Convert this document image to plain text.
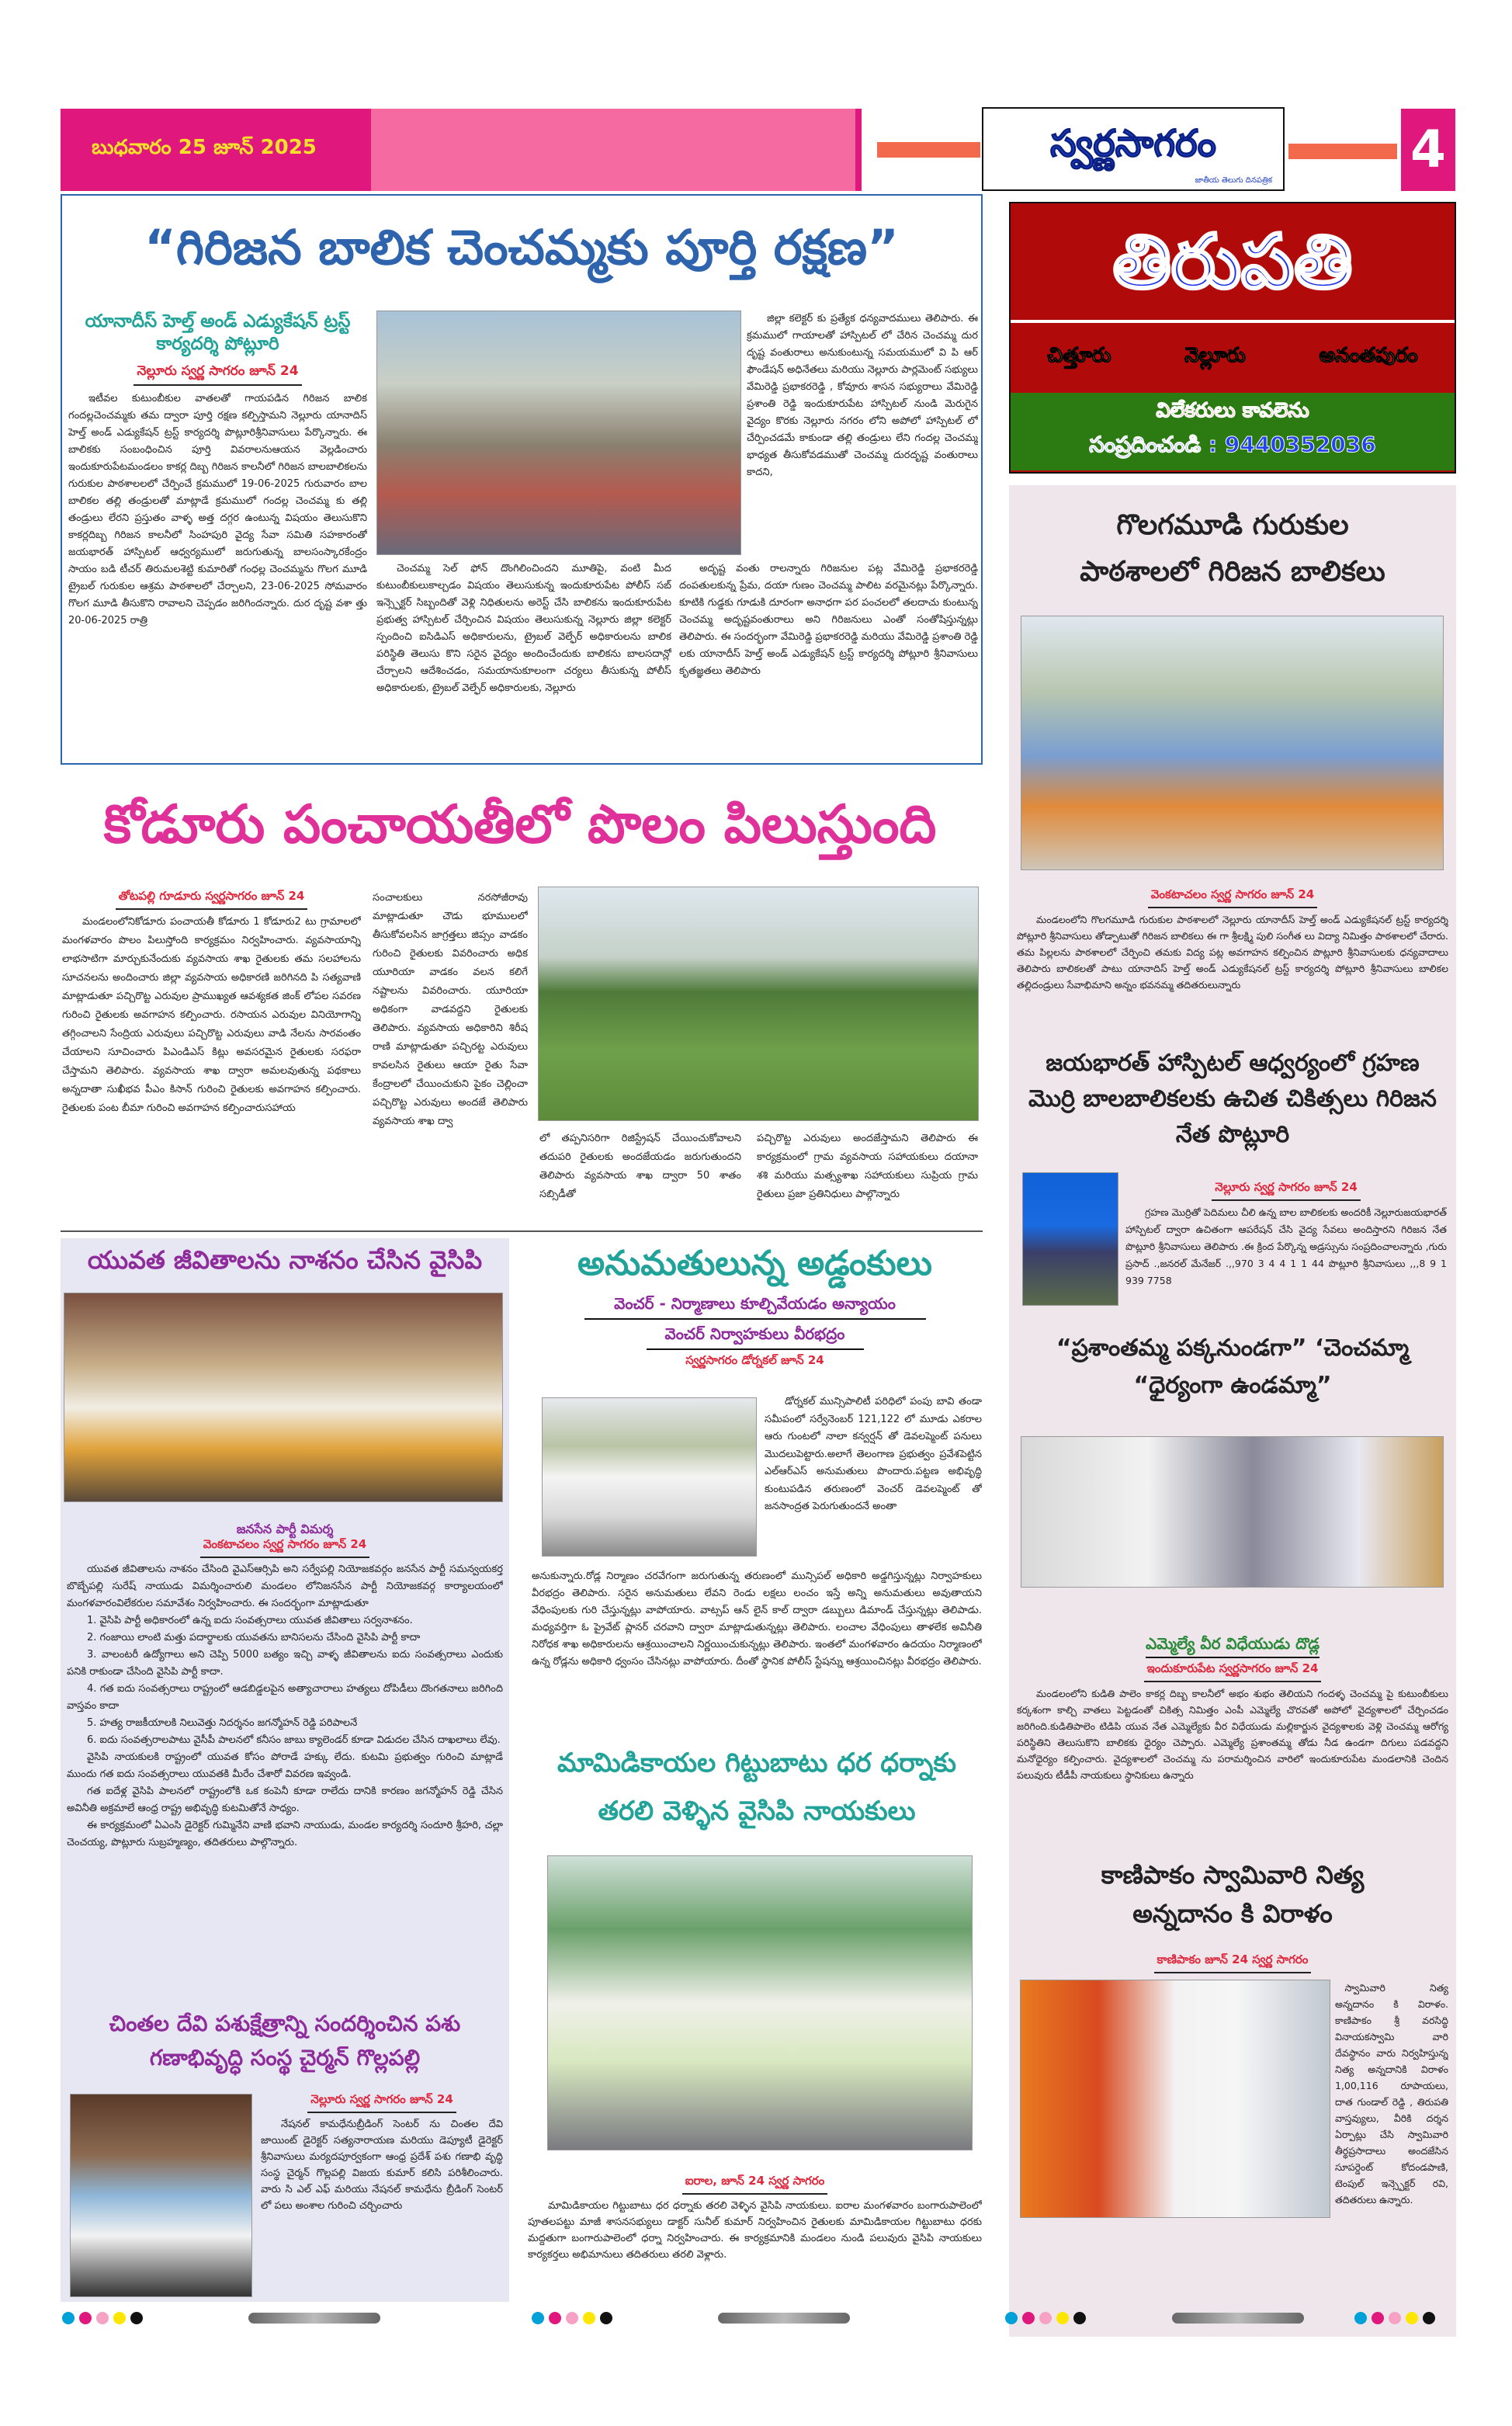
బుధవారం 25 జూన్ 2025	స్వర్ణసాగరం
జాతీయ తెలుగు దినపత్రిక
4
“గిరిజన బాలిక చెంచమ్మకు పూర్తి రక్షణ”
యానాదీస్ హెల్త్ అండ్ ఎడ్యుకేషన్ ట్రస్ట్ కార్యదర్శి పోట్లూరి
నెల్లూరు స్వర్ణ సాగరం జూన్ 24
ఇటీవల కుటుంబీకుల వాతలతో గాయపడిన గిరిజన బాలిక గందల్లచెంచమ్మకు తమ ద్వారా పూర్తి రక్షణ కల్పిస్తామని నెల్లూరు యానాదిస్ హెల్త్ అండ్ ఎడ్యుకేషన్ ట్రస్ట్ కార్యదర్శి పొట్లూరిశ్రీనివాసులు పేర్కొన్నారు. ఈ బాలికకు సంబంధించిన పూర్తి వివరాలనుఆయన వెల్లడించారు ఇందుకూరుపేటమండలం కాకర్ల దిబ్బ గిరిజన కాలనీలో గిరిజన బాలబాలికలను గురుకుల పాఠశాలలలో చేర్పించే క్రమములో 19-06-2025 గురువారం బాల బాలికల తల్లి తండ్రులతో మాట్లాడే క్రమములో గందల్ల చెంచమ్మ కు తల్లి తండ్రులు లేరని ప్రస్తుతం వాళ్ళ అత్త దగ్గర ఉంటున్న విషయం తెలుసుకొని కాకర్లదిబ్బ గిరిజన కాలనీలో సింహపురి వైద్య సేవా సమితి సహకారంతో జయభారత్ హాస్పిటల్ ఆధ్వర్యములో జరుగుతున్న బాలసంస్కారకేంద్రం సాయం బడి టీచర్ తిరుమలశెట్టి కుమారితో గంధల్ల చెంచమ్మను గొలగ మూడి ట్రైబల్ గురుకుల ఆశ్రమ పాఠశాలలో చేర్చాలని, 23-06-2025 సోమవారం గొలగ మూడి తీసుకొని రావాలని చెప్పడం జరిగిందన్నారు. దుర దృష్ట వశా త్తు 20-06-2025 రాత్రి
జిల్లా కలెక్టర్ కు ప్రత్యేక ధన్యవాదములు తెలిపారు. ఈ క్రమములో గాయాలతో హాస్పిటల్ లో చేరిన చెంచమ్మ దుర దృష్ట వంతురాలు అనుకుంటున్న సమయములో వి పి ఆర్ ఫౌండేషన్ అధినేతలు మరియు నెల్లూరు పార్లమెంట్ సభ్యులు వేమిరెడ్డి ప్రభాకరరెడ్డి , కోవూరు శాసన సభ్యురాలు వేమిరెడ్డి ప్రశాంతి రెడ్డి ఇందుకూరుపేట హాస్పిటల్ నుండి మెరుగైన వైద్యం కొరకు నెల్లూరు నగరం లోని అపోలో హాస్పిటల్ లో చేర్పించడమే కాకుండా తల్లి తండ్రులు లేని గందల్ల చెంచమ్మ భాధ్యత తీసుకోవడముతో చెంచమ్మ దురదృష్ట వంతురాలు కాదని,
చెంచమ్మ సెల్ ఫోన్ దొంగిలించిందని మూతిపై, వంటి మీద కుటుంబీకులుకాల్చడం విషయం తెలుసుకున్న ఇందుకూరుపేట పోలీస్ సబ్ ఇన్స్పెక్టర్ సిబ్బందితో వెళ్లి నిధితులను అరెస్ట్ చేసి బాలికను ఇందుకూరుపేట ప్రభుత్వ హాస్పిటల్ చేర్పించిన విషయం తెలుసుకున్న నెల్లూరు జిల్లా కలెక్టర్ స్పందించి ఐసిడిఎస్ అధికారులను, ట్రైబల్ వెల్ఫేర్ అధికారులను బాలిక పరిస్థితి తెలుసు కొని సరైన వైద్యం అందించేందుకు బాలికను బాలసదాన్లో చేర్చాలని ఆదేశించడం, సమయానుకూలంగా చర్యలు తీసుకున్న పోలీస్ అధికారులకు, ట్రైబల్ వెల్ఫేర్ అధికారులకు, నెల్లూరు
అదృష్ట వంతు రాలన్నారు గిరిజనుల పట్ల వేమిరెడ్డి ప్రభాకరరెడ్డి దంపతులకున్న ప్రేమ, దయా గుణం చెంచమ్మ పాలిట వరమైనట్లు పేర్కొన్నారు. కూటికి గుడ్డకు గూడుకి దూరంగా అనాధగా పర పంచలలో తలదాచు కుంటున్న చెంచమ్మ అదృష్టవంతురాలు అని గిరిజనులు ఎంతో సంతోషిస్తున్నట్లు తెలిపారు. ఈ సందర్భంగా వేమిరెడ్డి ప్రభాకరరెడ్డి మరియు వేమిరెడ్డి ప్రశాంతి రెడ్డి లకు యానాదీస్ హెల్త్ అండ్ ఎడ్యుకేషన్ ట్రస్ట్ కార్యదర్శి పోట్లూరి శ్రీనివాసులు కృతజ్ఞతలు తెలిపారు
కోడూరు పంచాయతీలో పొలం పిలుస్తుంది
తోటపల్లి గూడూరు స్వర్ణసాగరం జూన్ 24
మండలంలోనికోడూరు పంచాయతీ కోడూరు 1 కోడూరు2 టు గ్రామాలలో మంగళవారం పొలం పిలుస్తోంది కార్యక్రమం నిర్వహించారు. వ్యవసాయాన్ని లాభసాటిగా మార్చుకునేందుకు వ్యవసాయ శాఖ రైతులకు తమ సలహాలను సూచనలను అందించారు జిల్లా వ్యవసాయ అధికారణి జరిగినది పి సత్యవాణి మాట్లాడుతూ పచ్చిరొట్ట ఎరువుల ప్రాముఖ్యత ఆవశ్యకత జింక్ లోపల సవరణ గురించి రైతులకు అవగాహన కల్పించారు. రసాయన ఎరువుల వినియోగాన్ని తగ్గించాలని సేంద్రియ ఎరువులు పచ్చిరొట్ట ఎరువులు వాడి నేలను సారవంతం చేయాలని సూచించారు పిఎండిఎస్ కిట్లు అవసరమైన రైతులకు సరఫరా చేస్తామని తెలిపారు. వ్యవసాయ శాఖ ద్వారా అమలవుతున్న పథకాలు అన్నదాతా సుఖీభవ పీఎం కిసాన్ గురించి రైతులకు అవగాహన కల్పించారు. రైతులకు పంట బీమా గురించి అవగాహన కల్పించారుసహాయ
సంచాలకులు నరసోజీరావు మాట్లాడుతూ చౌడు భూములలో తీసుకోవలసిన జాగ్రత్తలు జిప్సం వాడకం గురించి రైతులకు వివరించారు అధిక యూరియా వాడకం వలన కలిగే నష్టాలను వివరించారు. యూరియా అధికంగా వాడవద్దని రైతులకు తెలిపారు. వ్యవసాయ అధికారిని శిరీష రాణి మాట్లాడుతూ పచ్చిరట్ట ఎరువులు కావలసిన రైతులు ఆయా రైతు సేవా కేంద్రాలలో చేయించుకుని పైకం చెల్లించా పచ్చిరొట్ట ఎరువులు అందజే తెలిపారు వ్యవసాయ శాఖ ద్వా
లో తప్పనిసరిగా రిజిస్ట్రేషన్ చేయించుకోవాలని తదుపరి రైతులకు అందజేయడం జరుగుతుందని తెలిపారు వ్యవసాయ శాఖ ద్వారా 50 శాతం సబ్సిడీతో
పచ్చిరొట్ట ఎరువులు అందజేస్తామని తెలిపారు ఈ కార్యక్రమంలో గ్రామ వ్యవసాయ సహాయకులు దయానా శశి మరియు మత్స్యశాఖ సహాయకులు సుప్రియ గ్రామ రైతులు ప్రజా ప్రతినిధులు పాల్గొన్నారు
యువత జీవితాలను నాశనం చేసిన వైసిపి
జనసేన పార్టీ విమర్శ
వెంకటాచలం స్వర్ణ సాగరం జూన్ 24
యువత జీవితాలను నాశనం చేసింది వైఎస్ఆర్సిపి అని సర్వేపల్లి నియోజకవర్గం జనసేన పార్టీ సమన్వయకర్త బొబ్బేపల్లి సురేష్ నాయుడు విమర్శించారులి మండలం లోనిజనసేన పార్టీ నియోజకవర్గ కార్యాలయంలో మంగళవారంవిలేకరుల సమావేశం నిర్వహించారు. ఈ సందర్భంగా మాట్లాడుతూ
1. వైసిపి పార్టీ అధికారంలో ఉన్న ఐదు సంవత్సరాలు యువత జీవితాలు సర్వనాశనం.
2. గంజాయి లాంటి మత్తు పదార్థాలకు యువతను బానిసలను చేసింది వైసిపి పార్టీ కాదా
3. వాలంటరీ ఉద్యోగాలు అని చెప్పి 5000 బత్యం ఇచ్చి వాళ్ళ జీవితాలను ఐదు సంవత్సరాలు ఎందుకు పనికి రాకుండా చేసింది వైసిపి పార్టీ కాదా.
4. గత ఐదు సంవత్సరాలు రాష్ట్రంలో ఆడబిడ్డలపైన అత్యాచారాలు హత్యలు దోపిడీలు దొంగతనాలు జరిగింది వాస్తవం కాదా
5. హత్య రాజకీయాలకి నిలువెత్తు నిదర్శనం జగన్మోహన్ రెడ్డి పరిపాలనే
6. ఐదు సంవత్సరాలపాటు వైసీపీ పాలనలో కనీసం జాబు క్యాలెండర్ కూడా విడుదల చేసిన దాఖలాలు లేవు.
వైసిపి నాయకులకి రాష్ట్రంలో యువత కోసం పోరాడే హక్కు లేదు. కుటమి ప్రభుత్వం గురించి మాట్లాడే ముందు గత ఐదు సంవత్సరాలు యువతకి మీరేం చేశారో వివరణ ఇవ్వండి.
గత ఐదేళ్ల వైసిపి పాలనలో రాష్ట్రంలోకి ఒక కంపెనీ కూడా రాలేదు దానికి కారణం జగన్మోహన్ రెడ్డి చేసిన అవినీతి అక్రమాలే ఆంధ్ర రాష్ట్ర అభివృద్ధి కుటమితోనే సాధ్యం.
ఈ కార్యక్రమంలో ఏఎంసి డైరెక్టర్ గుమ్మినేని వాణి భవాని నాయుడు, మండల కార్యదర్శి సందూరి శ్రీహరి, చల్లా చెంచయ్య, పొట్లూరు సుబ్రహ్మణ్యం, తదితరులు పాల్గొన్నారు.
చింతల దేవి పశుక్షేత్రాన్ని సందర్శించిన పశు గణాభివృద్ధి సంస్థ చైర్మన్ గొల్లపల్లి
నెల్లూరు స్వర్ణ సాగరం జూన్ 24
నేషనల్ కామధేనుబ్రీడింగ్ సెంటర్ ను చింతల దేవి జాయింట్ డైరెక్టర్ సత్యనారాయణ మరియు డెప్యూటీ డైరెక్టర్ శ్రీనివాసులు మర్యదపూర్వకంగా ఆంధ్ర ప్రదేశ్ పశు గణాభి వృద్ధి సంస్థ చైర్మన్ గొల్లపల్లి విజయ కుమార్ కలిసి పరిశీలించారు. వారు సి ఎల్ ఎఫ్ మరియు నేషనల్ కామధేను బ్రీడింగ్ సెంటర్ లో పలు అంశాల గురించి చర్చించారు
అనుమతులున్న అడ్డంకులు
వెంచర్ - నిర్మాణాలు కూల్చివేయడం అన్యాయం
వెంచర్ నిర్వాహకులు వీరభద్రం
స్వర్ణసాగరం డోర్నకల్ జూన్ 24
డోర్నకల్ మున్సిపాలిటీ పరిధిలో పంపు బావి తండా సమీపంలో సర్వేనెంబర్ 121,122 లో మూడు ఎకరాల ఆరు గుంటలో నాలా కన్వర్షన్ తో డెవలప్మెంట్ పనులు మొదలుపెట్టారు.అలాగే తెలంగాణ ప్రభుత్వం ప్రవేశపెట్టిన ఎల్ఆర్ఎస్ అనుమతులు పొందారు.పట్టణ అభివృద్ధి కుంటుపడిన తరుణంలో వెంచర్ డెవలప్మెంట్ తో జనసాంద్రత పెరుగుతుందనే అంతా
అనుకున్నారు.రోడ్ల నిర్మాణం చరవేగంగా జరుగుతున్న తరుణంలో మున్సిపల్ అధికారి అడ్డగిస్తున్నట్లు నిర్వాహకులు వీరభద్రం తెలిపారు. సరైన అనుమతులు లేవని రెండు లక్షలు లంచం ఇస్తే అన్ని అనుమతులు అవుతాయని వేధింపులకు గురి చేస్తున్నట్లు వాపోయారు. వాట్సప్ ఆన్ లైన్ కాల్ ద్వారా డబ్బులు డిమాండ్ చేస్తున్నట్లు తెలిపాడు. మధ్యవర్తిగా ఓ ప్రైవేట్ ప్లానర్ చరవాని ద్వారా మాట్లాడుతున్నట్లు తెలిపారు. లంచాల వేధింపులు తాళలేక అవినీతి నిరోధక శాఖ అధికారులను ఆశ్రయించాలని నిర్ణయించుకున్నట్లు తెలిపారు. ఇంతలో మంగళవారం ఉదయం నిర్మాణంలో ఉన్న రోడ్లను అధికారి ధ్వంసం చేసినట్లు వాపోయారు. దీంతో స్థానిక పోలీస్ స్టేషన్ను ఆశ్రయించినట్లు వీరభద్రం తెలిపారు.
మామిడికాయల గిట్టుబాటు ధర ధర్నాకు తరలి వెళ్ళిన వైసిపి నాయకులు
ఐరాల, జూన్ 24 స్వర్ణ సాగరం
మామిడికాయల గిట్టుబాటు ధర ధర్నాకు తరలి వెళ్ళిన వైసిపి నాయకులు. ఐరాల మంగళవారం బంగారుపాలెంలో పూతలపట్టు మాజీ శాసనసభ్యులు డాక్టర్ సునీల్ కుమార్ నిర్వహించిన రైతులకు మామిడికాయల గిట్టుబాటు ధరకు మద్దతుగా బంగారుపాలెంలో ధర్నా నిర్వహించారు. ఈ కార్యక్రమానికి మండలం నుండి పలువురు వైసిపి నాయకులు కార్యకర్తలు అభిమానులు తదితరులు తరలి వెళ్లారు.
తిరుపతి
చిత్తూరు	నెల్లూరు	అనంతపురం
విలేకరులు కావలెను
సంప్రదించండి : 9440352036
గొలగమూడి గురుకుల పాఠశాలలో గిరిజన బాలికలు
వెంకటాచలం స్వర్ణ సాగరం జూన్ 24
మండలంలోని గొలగమూడి గురుకుల పాఠశాలలో నెల్లూరు యానాదీస్ హెల్త్ అండ్ ఎడ్యుకేషనల్ ట్రస్ట్ కార్యదర్శి పోట్లూరి శ్రీనివాసులు తోడ్పాటుతో గిరిజన బాలికలు ఈ గా శ్రీలక్ష్మి పులి సంగీత లు విద్యా నిమిత్తం పాఠశాలలో చేరారు. తమ పిల్లలను పాఠశాలలో చేర్పించి తమకు విద్య పట్ల అవగాహన కల్పించిన పొట్లూరి శ్రీనివాసులకు ధన్యవాదాలు తెలిపారు బాలికలతో పాటు యానాదిస్ హెల్త్ అండ్ ఎడ్యుకేషనల్ ట్రస్ట్ కార్యదర్శి పోట్లూరి శ్రీనివాసులు బాలికల తల్లిదండ్రులు సేవాభిమాని అన్నం భవనమ్మ తదితరులున్నారు
జయభారత్ హాస్పిటల్ ఆధ్వర్యంలో గ్రహణ మొర్రి బాలబాలికలకు ఉచిత చికిత్సలు గిరిజన నేత పొట్లూరి
నెల్లూరు స్వర్ణ సాగరం జూన్ 24
గ్రహణ మొర్రితో పెదిమలు చీలి ఉన్న బాల బాలికలకు అందరికీ నెల్లూరుజయభారత్ హాస్పిటల్ ద్వారా ఉచితంగా ఆపరేషన్ చేసి వైద్య సేవలు అందిస్తారని గిరిజన నేత పొట్లూరి శ్రీనివాసులు తెలిపారు .ఈ క్రింద పేర్కొన్న అడ్రస్సును సంప్రదించాలన్నారు ,గురు ప్రసాద్ .,జనరల్ మేనేజర్ .,,970 3 4 4 1 1 44 పొట్లూరి శ్రీనివాసులు ,,,8 9 1 939 7758
“ప్రశాంతమ్మ పక్కనుండగా” ‘చెంచమ్మా “ధైర్యంగా ఉండమ్మా”
ఎమ్మెల్యే వీర విధేయుడు దొడ్ల
ఇందుకూరుపేట స్వర్ణసాగరం జూన్ 24
మండలంలోని కుడితి పాలెం కాకర్ల దిబ్బ కాలనీలో అభం శుభం తెలియని గందళ్ళ చెంచమ్మ పై కుటుంబీకులు కర్కశంగా కాల్చి వాతలు పెట్టడంతో చికిత్స నిమిత్తం ఎంపీ ఎమ్మెల్యే చొరవతో అపోలో వైద్యశాలలో చేర్పించడం జరిగింది.కుడితిపాలెం టిడిపి యువ నేత ఎమ్మెల్యేకు వీర విధేయుడు మల్లికార్జున వైద్యశాలకు వెళ్లి చెంచమ్మ ఆరోగ్య పరిస్థితిని తెలుసుకొని బాలికకు ధైర్యం చెప్పారు. ఎమ్మెల్యే ప్రశాంతమ్మ తోడు నీడ ఉండగా దిగులు పడవద్దని మనోధైర్యం కల్పించారు. వైద్యశాలలో చెంచమ్మ ను పరామర్శించిన వారిలో ఇందుకూరుపేట మండలానికి చెందిన పలువురు టీడీపీ నాయకులు స్థానికులు ఉన్నారు
కాణిపాకం స్వామివారి నిత్య అన్నదానం కి విరాళం
కాణిపాకం జూన్ 24 స్వర్ణ సాగరం
స్వామివారి నిత్య అన్నదానం కి విరాళం. కాణిపాకం శ్రీ వరసిద్ధి వినాయకస్వామి వారి దేవస్థానం వారు నిర్వహిస్తున్న నిత్య అన్నదానికి విరాళం 1,00,116 రూపాయలు, దాత గుండాల్ రెడ్డి , తిరుపతి వాస్తవ్యులు, వీరికి దర్శన ఏర్పాట్లు చేసి స్వామివారి తీర్థప్రసాదాలు అందజేసిన సూపర్డెంట్ కోదండపాణి, టెంపుల్ ఇన్స్పెక్టర్ రవి, తదితరులు ఉన్నారు.
